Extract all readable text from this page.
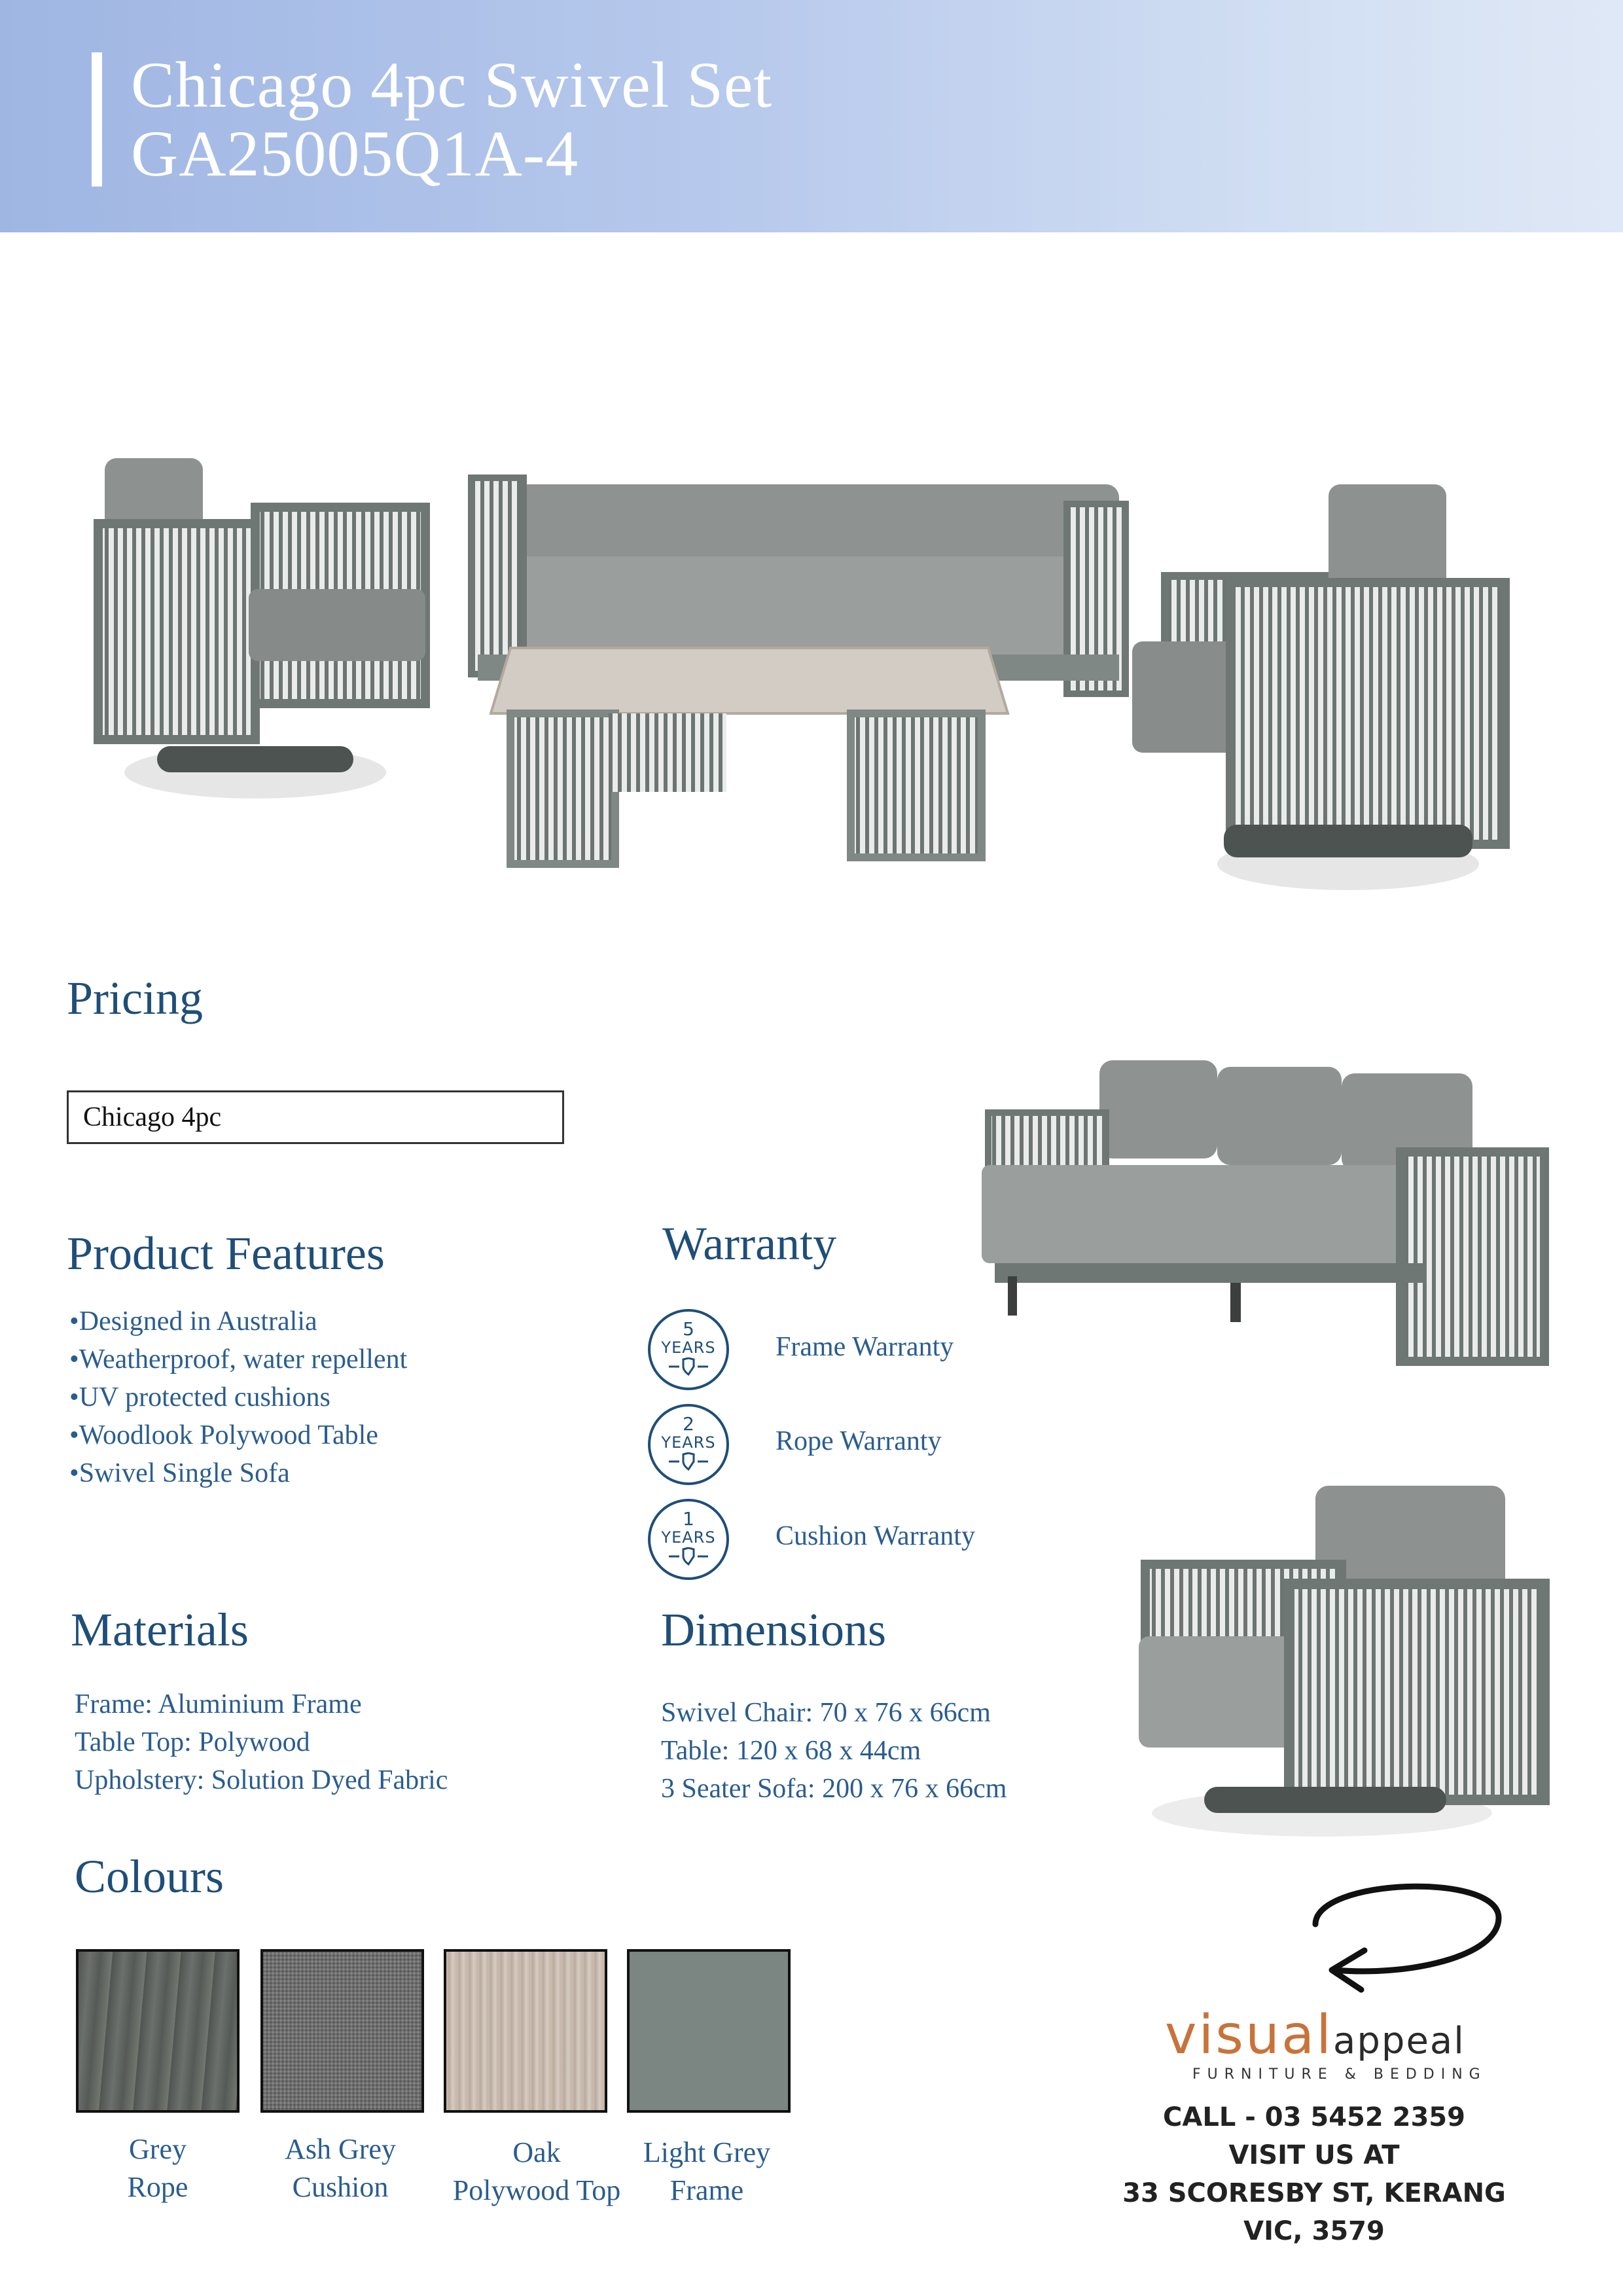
Chicago 4pc Swivel Set
GA25005Q1A-4
Pricing
Chicago 4pc
Product Features
• Designed in Australia
• Weatherproof, water repellent
• UV protected cushions
• Woodlook Polywood Table
• Swivel Single Sofa
Warranty
5
YEARS	Frame Warranty
2
YEARS	Rope Warranty
1
YEARS	Cushion Warranty
Materials
Frame: Aluminium Frame
Table Top: Polywood
Upholstery: Solution Dyed Fabric
Dimensions
Swivel Chair: 70 x 76 x 66cm
Table: 120 x 68 x 44cm
3 Seater Sofa: 200 x 76 x 66cm
Colours
Grey
Rope
Ash Grey
Cushion
Oak
Polywood Top
Light Grey
Frame
visualappeal
FURNITURE & BEDDING
CALL - 03 5452 2359
VISIT US AT
33 SCORESBY ST, KERANG
VIC, 3579
